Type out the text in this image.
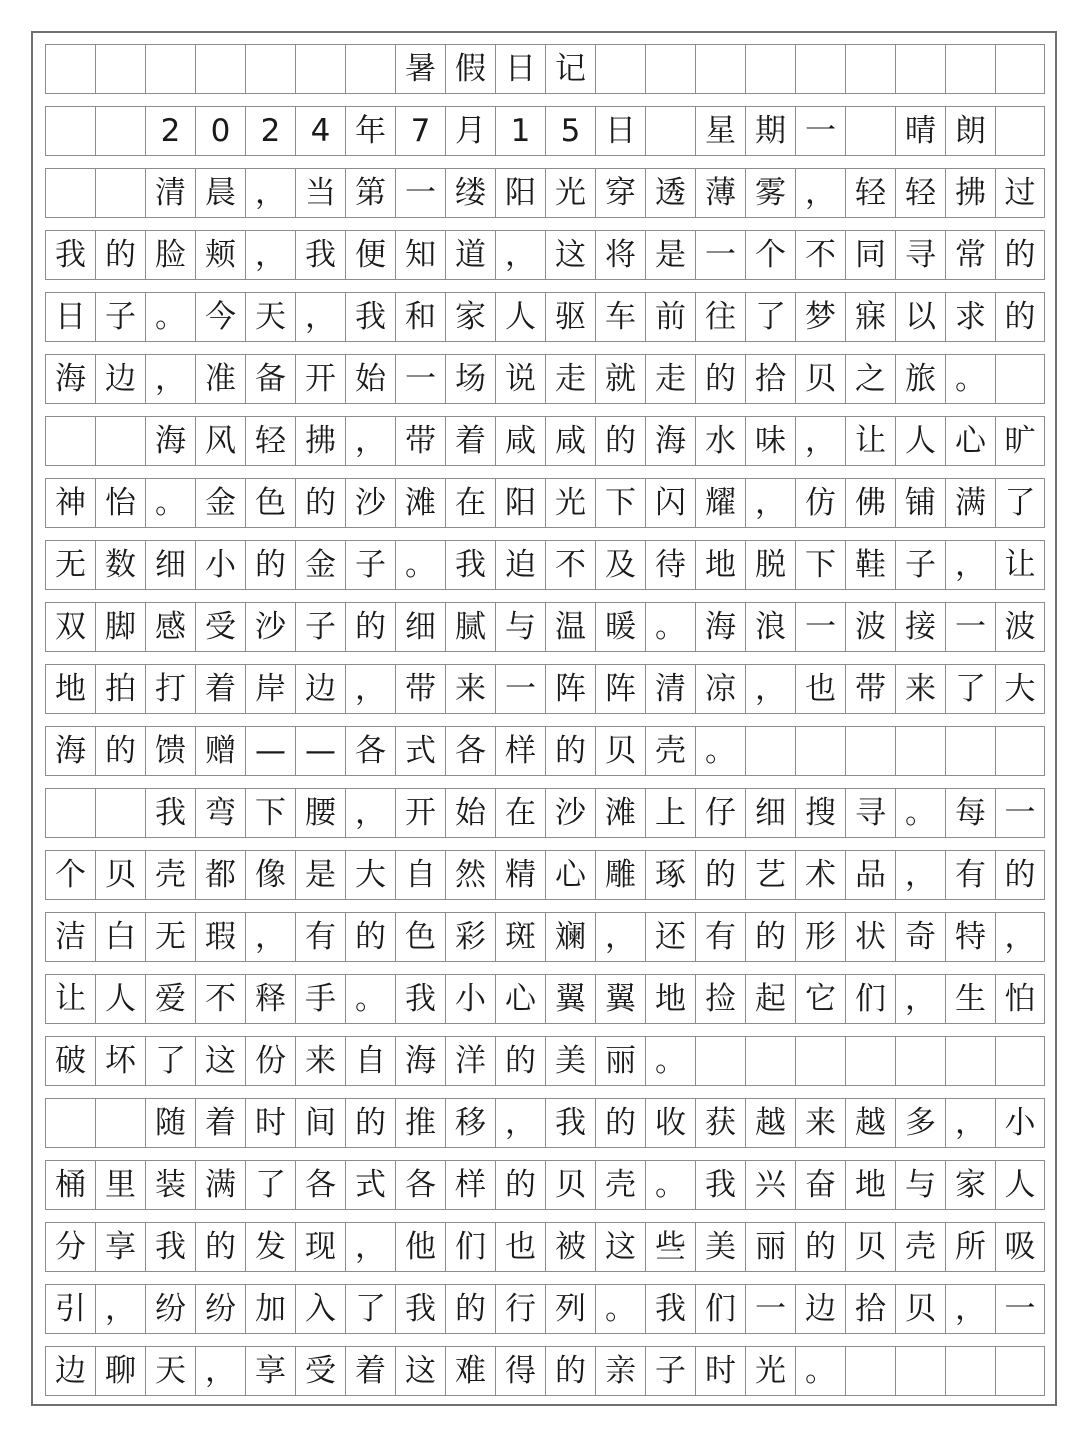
暑 假 日 记
2 0 2 4 年 7 月 1 5 日	星 期 一	晴 朗
清 晨 ， 当 第 一 缕 阳 光 穿 透 薄 雾 ， 轻 轻 拂 过
我 的 脸 颊 ， 我 便 知 道 ， 这 将 是 一 个 不 同 寻 常 的
日 子 。 今 天 ， 我 和 家 人 驱 车 前 往 了 梦 寐 以 求 的
海 边 ， 准 备 开 始 一 场 说 走 就 走 的 拾 贝 之 旅 。
海 风 轻 拂 ， 带 着 咸 咸 的 海 水 味 ， 让 人 心 旷
神 怡 。 金 色 的 沙 滩 在 阳 光 下 闪 耀 ， 仿 佛 铺 满 了
无 数 细 小 的 金 子 。 我 迫 不 及 待 地 脱 下 鞋 子 ， 让
双 脚 感 受 沙 子 的 细 腻 与 温 暖 。 海 浪 一 波 接 一 波
地 拍 打 着 岸 边 ， 带 来 一 阵 阵 清 凉 ， 也 带 来 了 大
海 的 馈 赠 — — 各 式 各 样 的 贝 壳 。
我 弯 下 腰 ， 开 始 在 沙 滩 上 仔 细 搜 寻 。 每 一
个 贝 壳 都 像 是 大 自 然 精 心 雕 琢 的 艺 术 品 ， 有 的
洁 白 无 瑕 ， 有 的 色 彩 斑 斓 ， 还 有 的 形 状 奇 特 ，
让 人 爱 不 释 手 。 我 小 心 翼 翼 地 捡 起 它 们 ， 生 怕
破 坏 了 这 份 来 自 海 洋 的 美 丽 。
随 着 时 间 的 推 移 ， 我 的 收 获 越 来 越 多 ， 小
桶 里 装 满 了 各 式 各 样 的 贝 壳 。 我 兴 奋 地 与 家 人
分 享 我 的 发 现 ， 他 们 也 被 这 些 美 丽 的 贝 壳 所 吸
引 ， 纷 纷 加 入 了 我 的 行 列 。 我 们 一 边 拾 贝 ， 一
边 聊 天 ， 享 受 着 这 难 得 的 亲 子 时 光 。
